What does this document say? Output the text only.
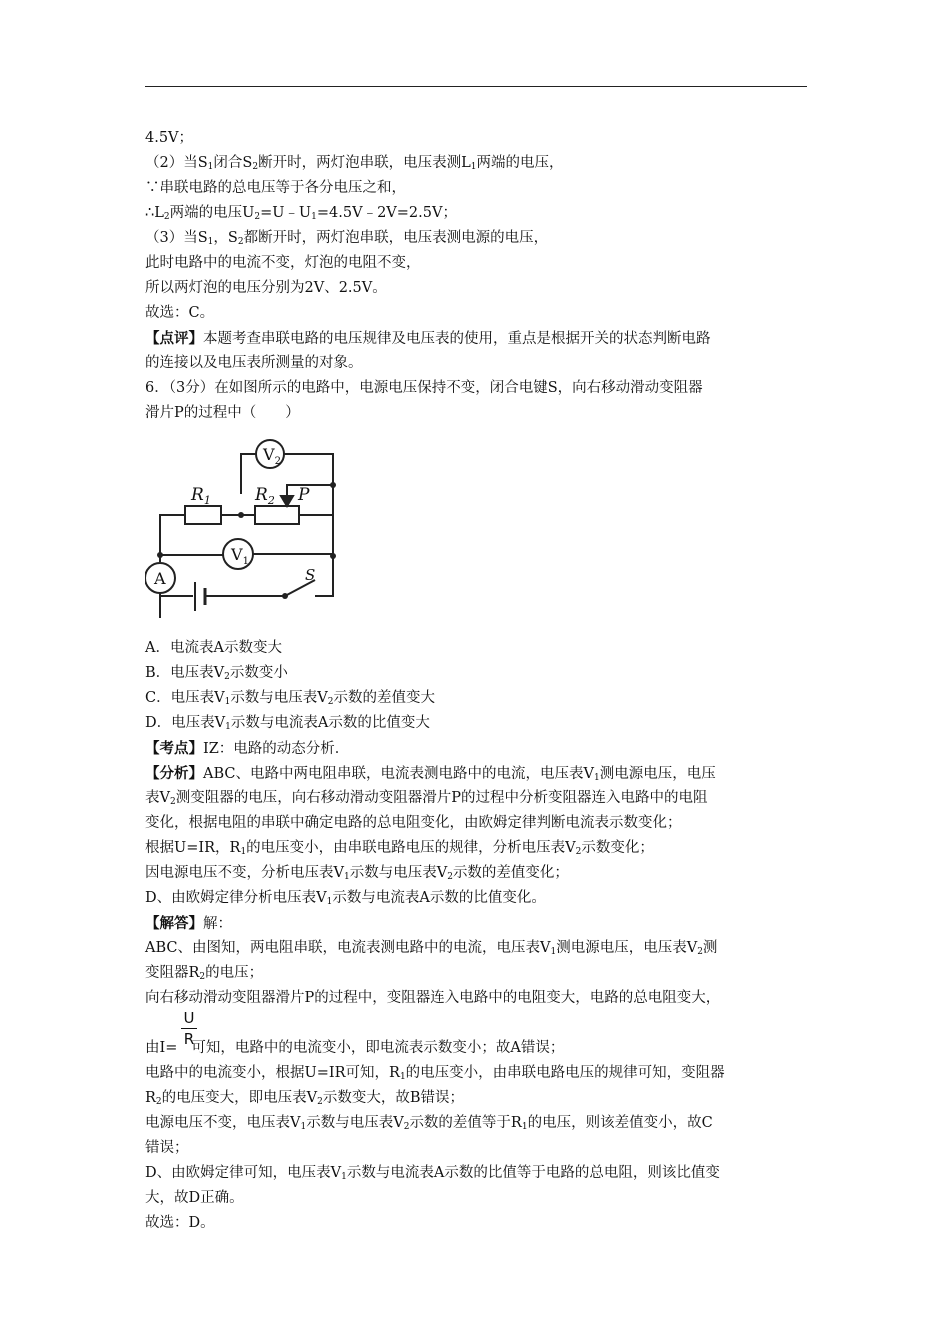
4.5V；
（2）当$S_1$闭合$S_2$断开时，两灯泡串联，电压表测$L_1$两端的电压，
∵串联电路的总电压等于各分电压之和，
$\therefore L_2$两端的电压$U_2=U﹣U_1=4.5V﹣2V=2.5V$；
（3）当$S_1$，$S_2$都断开时，两灯泡串联，电压表测电源的电压，
此时电路中的电流不变，灯泡的电阻不变，
所以两灯泡的电压分别为2V、2.5V。
故选：C。
【点评】本题考查串联电路的电压规律及电压表的使用，重点是根据开关的状态判断电路
的连接以及电压表所测量的对象。
6．（3分）在如图所示的电路中，电源电压保持不变，闭合电键S，向右移动滑动变阻器
滑片P的过程中（　　）
$V_2$
$V_1$
A
$R_1$	$R_2$ P
S
A．电流表A示数变大
B．电压表$V_2$示数变小
C．电压表$V_1$示数与电压表$V_2$示数的差值变大
D．电压表$V_1$示数与电流表A示数的比值变大
【考点】IZ：电路的动态分析．
【分析】ABC、电路中两电阻串联，电流表测电路中的电流，电压表$V_1$测电源电压，电压
表$V_2$测变阻器的电压，向右移动滑动变阻器滑片P的过程中分析变阻器连入电路中的电阻
变化，根据电阻的串联中确定电路的总电阻变化，由欧姆定律判断电流表示数变化；
根据U=IR，$R_1$的电压变小，由串联电路电压的规律，分析电压表$V_2$示数变化；
因电源电压不变，分析电压表$V_1$示数与电压表$V_2$示数的差值变化；
D、由欧姆定律分析电压表$V_1$示数与电流表A示数的比值变化。
【解答】解：
ABC、由图知，两电阻串联，电流表测电路中的电流，电压表$V_1$测电源电压，电压表$V_2$测
变阻器$R_2$的电压；
向右移动滑动变阻器滑片P的过程中，变阻器连入电路中的电阻变大，电路的总电阻变大，
$\frac{U}{R}$
由I= 可知，电路中的电流变小，即电流表示数变小；故A错误；
电路中的电流变小，根据U=IR可知，$R_1$的电压变小，由串联电路电压的规律可知，变阻器
$R_2$的电压变大，即电压表$V_2$示数变大，故B错误；
电源电压不变，电压表$V_1$示数与电压表$V_2$示数的差值等于$R_1$的电压，则该差值变小，故C
错误；
D、由欧姆定律可知，电压表$V_1$示数与电流表A示数的比值等于电路的总电阻，则该比值变
大，故D正确。
故选：D。
